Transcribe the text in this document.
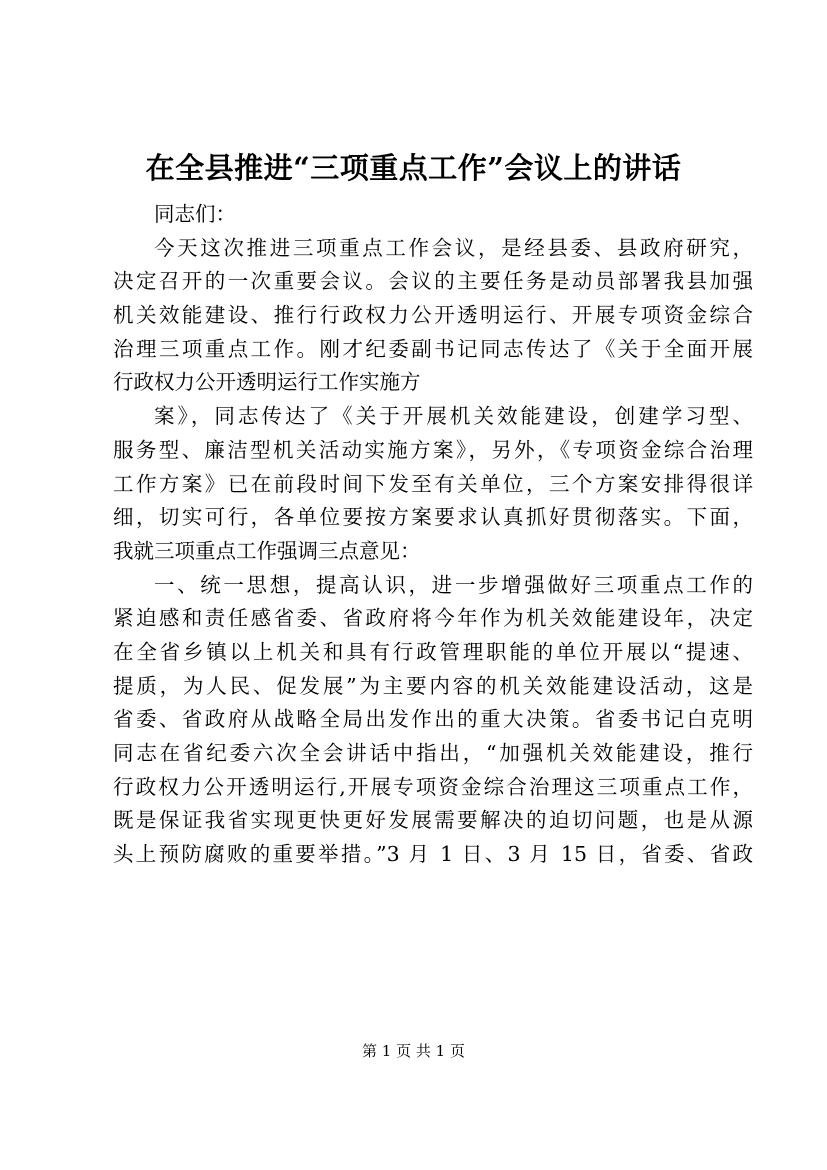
在全县推进“三项重点工作”会议上的讲话
同志们：
今天这次推进三项重点工作会议，是经县委、县政府研究，
决定召开的一次重要会议。会议的主要任务是动员部署我县加强
机关效能建设、推行行政权力公开透明运行、开展专项资金综合
治理三项重点工作。刚才纪委副书记同志传达了《关于全面开展
行政权力公开透明运行工作实施方
案》，同志传达了《关于开展机关效能建设，创建学习型、
服务型、廉洁型机关活动实施方案》，另外，《专项资金综合治理
工作方案》已在前段时间下发至有关单位，三个方案安排得很详
细，切实可行，各单位要按方案要求认真抓好贯彻落实。下面，
我就三项重点工作强调三点意见：
一、统一思想，提高认识，进一步增强做好三项重点工作的
紧迫感和责任感省委、省政府将今年作为机关效能建设年，决定
在全省乡镇以上机关和具有行政管理职能的单位开展以“提速、
提质，为人民、促发展”为主要内容的机关效能建设活动，这是
省委、省政府从战略全局出发作出的重大决策。省委书记白克明
同志在省纪委六次全会讲话中指出，“加强机关效能建设，推行
行政权力公开透明运行,开展专项资金综合治理这三项重点工作，
既是保证我省实现更快更好发展需要解决的迫切问题，也是从源
头上预防腐败的重要举措。”3 月 1 日、3 月 15 日，省委、省政
第 1 页 共 1 页
